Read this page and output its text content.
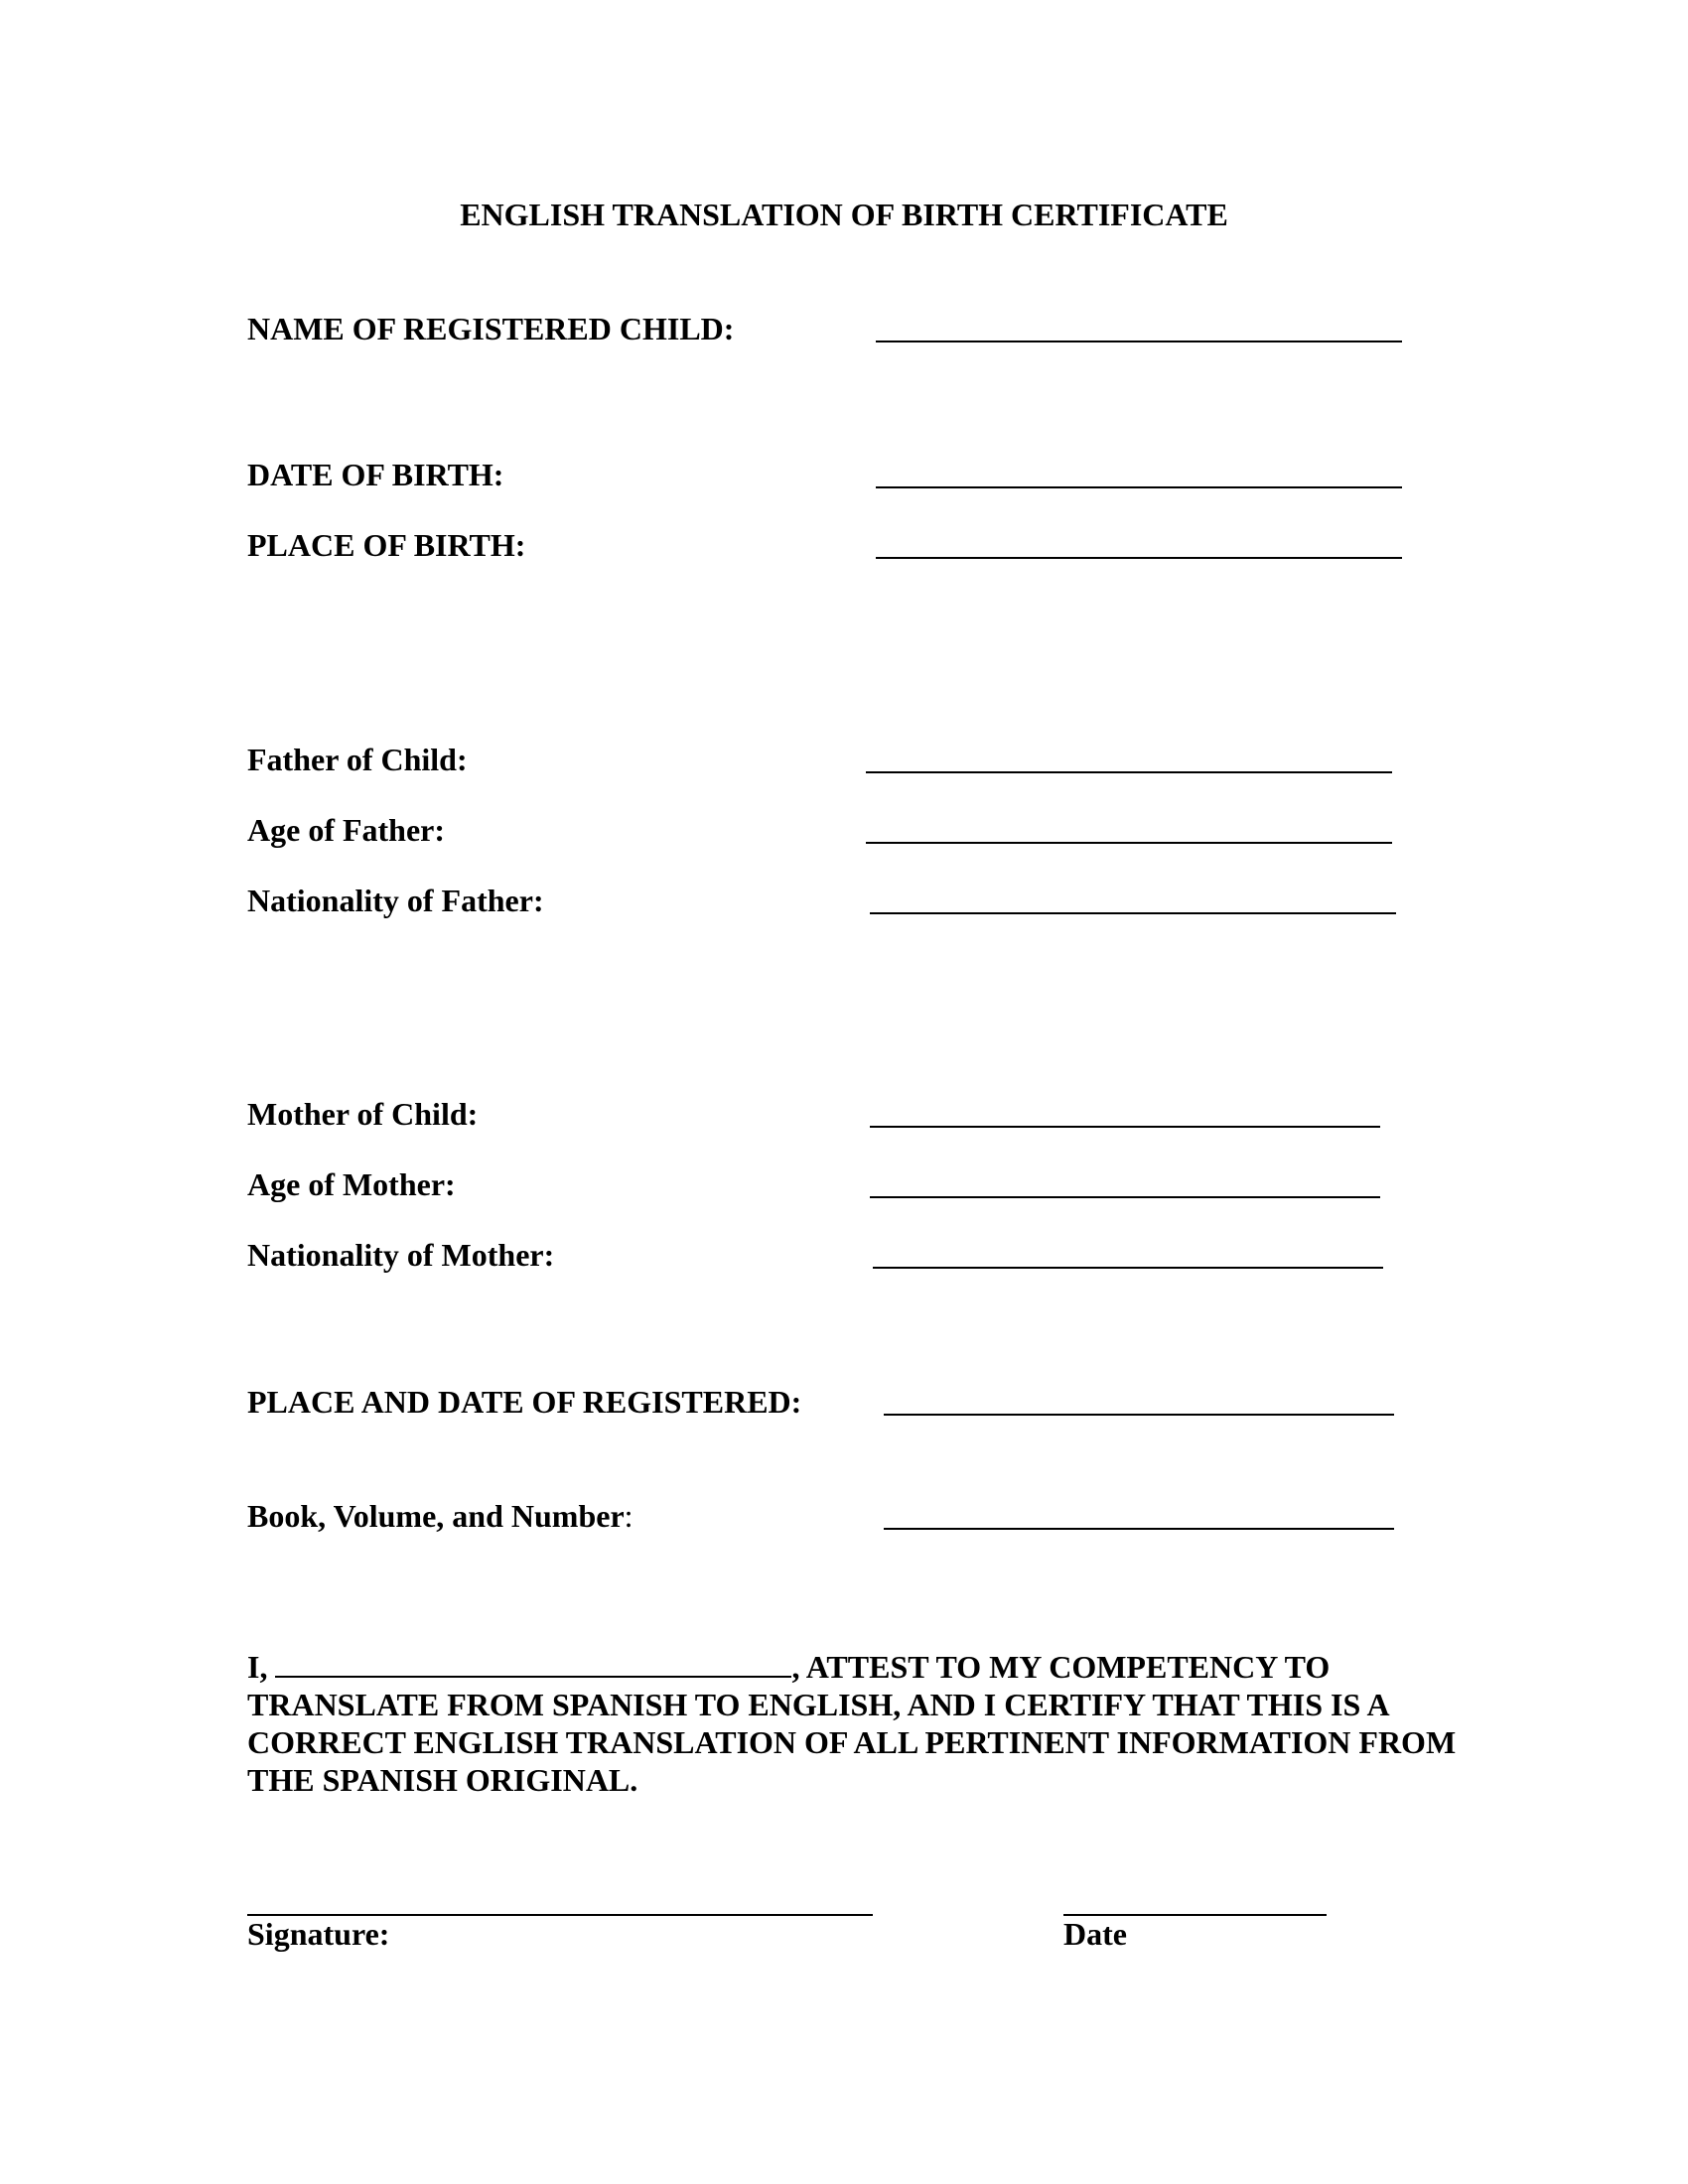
ENGLISH TRANSLATION OF BIRTH CERTIFICATE
NAME OF REGISTERED CHILD:
DATE OF BIRTH:
PLACE OF BIRTH:
Father of Child:
Age of Father:
Nationality of Father:
Mother of Child:
Age of Mother:
Nationality of Mother:
PLACE AND DATE OF REGISTERED:
Book, Volume, and Number:
I,	, ATTEST TO MY COMPETENCY TO TRANSLATE FROM SPANISH TO ENGLISH, AND I CERTIFY THAT THIS IS A CORRECT ENGLISH TRANSLATION OF ALL PERTINENT INFORMATION FROM THE SPANISH ORIGINAL.
Signature:	Date
